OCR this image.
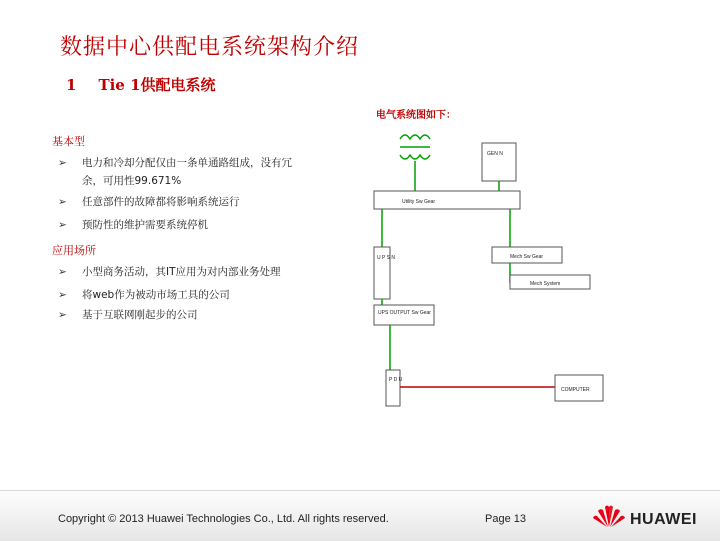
数据中心供配电系统架构介绍
1 Tie 1供配电系统
电气系统图如下：
基本型
➢ 电力和冷却分配仅由一条单通路组成，没有冗
余，可用性99.671%
➢ 任意部件的故障都将影响系统运行
➢ 预防性的维护需要系统停机
应用场所
➢ 小型商务活动，其IT应用为对内部业务处理
➢ 将web作为被动市场工具的公司
➢ 基于互联网刚起步的公司
GEN N
Utility Sw Gear
U P S N	Mech Sw Gear
Mech System
UPS OUTPUT Sw Gear
P D U
COMPUTER
Copyright © 2013 Huawei Technologies Co., Ltd. All rights reserved.	Page 13	HUAWEI
